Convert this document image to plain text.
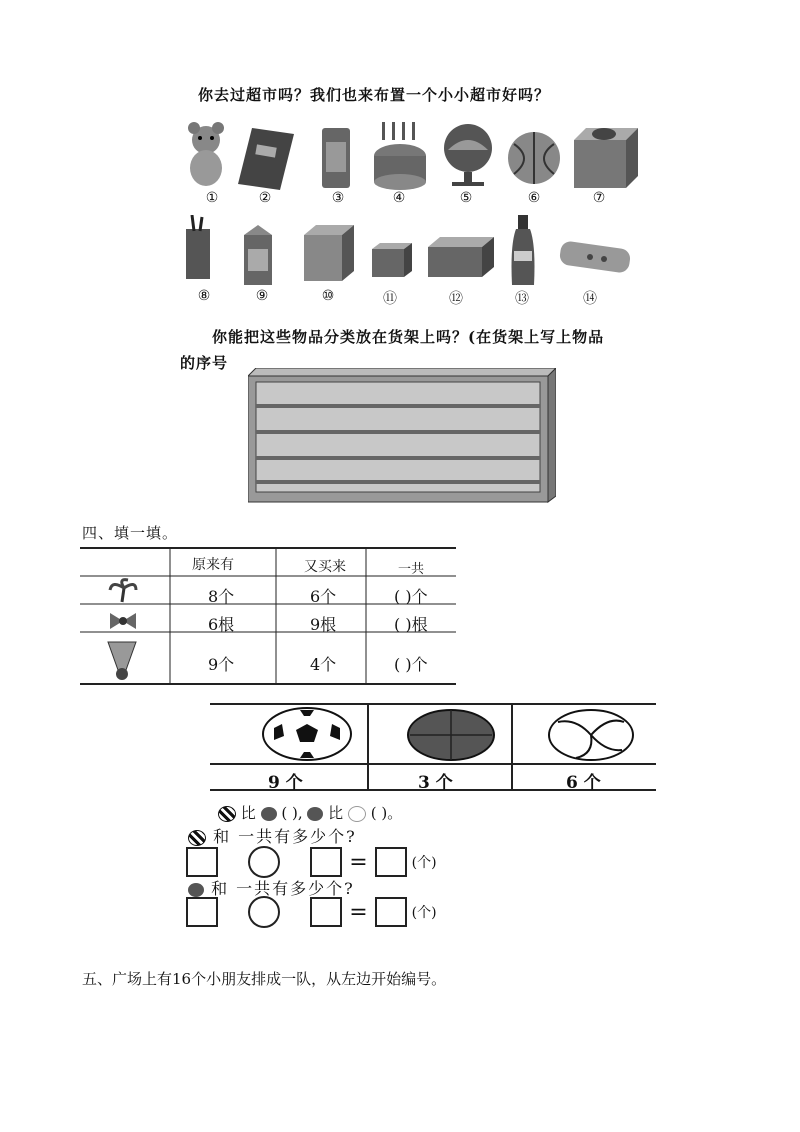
你去过超市吗？我们也来布置一个小小超市好吗？
①	②	③	④	⑤	⑥	⑦
⑧	⑨	⑩	⑪	⑫	⑬	⑭
你能把这些物品分类放在货架上吗？(在货架上写上物品
的序号
四、填一填。
原来有	又买来	一共
8个	6个	( )个
6根	9根	( )根
9个	4个	( )个
9 个	3 个	6 个
比 ( ), 比 ( )。
和 一共有多少个?
=	(个)
和 一共有多少个?
=	(个)
五、广场上有16个小朋友排成一队，从左边开始编号。
